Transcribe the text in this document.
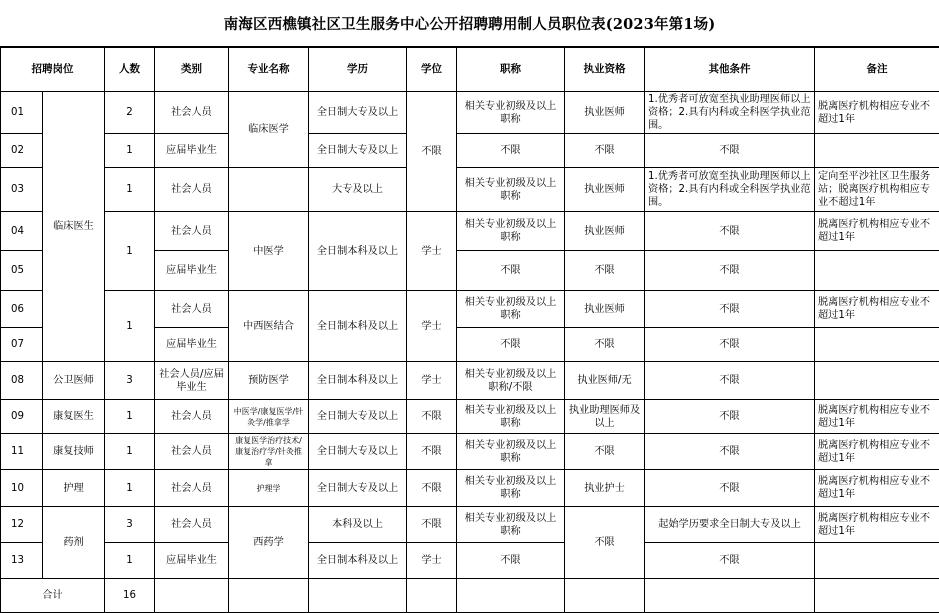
南海区西樵镇社区卫生服务中心公开招聘聘用制人员职位表(2023年第1场)
招聘岗位		人数	类别	专业名称	学历	学位	职称	执业资格	其他条件	备注
01	临床医生	2	社会人员	临床医学	全日制大专及以上	不限	相关专业初级及以上职称	执业医师	1.优秀者可放宽至执业助理医师以上资格；2.具有内科或全科医学执业范围。	脱离医疗机构相应专业不超过1年
02		1	应届毕业生		全日制大专及以上		不限	不限	不限	
03		1	社会人员		大专及以上		相关专业初级及以上职称	执业医师	1.优秀者可放宽至执业助理医师以上资格；2.具有内科或全科医学执业范围。	定向至平沙社区卫生服务站；脱离医疗机构相应专业不超过1年
04		1	社会人员	中医学	全日制本科及以上	学士	相关专业初级及以上职称	执业医师	不限	脱离医疗机构相应专业不超过1年
05			应届毕业生				不限	不限	不限	
06		1	社会人员	中西医结合	全日制本科及以上	学士	相关专业初级及以上职称	执业医师	不限	脱离医疗机构相应专业不超过1年
07			应届毕业生				不限	不限	不限	
08	公卫医师	3	社会人员/应届毕业生	预防医学	全日制本科及以上	学士	相关专业初级及以上职称/不限	执业医师/无	不限	
09	康复医生	1	社会人员	中医学/康复医学/针灸学/推拿学	全日制大专及以上	不限	相关专业初级及以上职称	执业助理医师及以上	不限	脱离医疗机构相应专业不超过1年
11	康复技师	1	社会人员	康复医学治疗技术/康复治疗学/针灸推拿	全日制大专及以上	不限	相关专业初级及以上职称	不限	不限	脱离医疗机构相应专业不超过1年
10	护理	1	社会人员	护理学	全日制大专及以上	不限	相关专业初级及以上职称	执业护士	不限	脱离医疗机构相应专业不超过1年
12	药剂	3	社会人员	西药学	本科及以上	不限	相关专业初级及以上职称	不限	起始学历要求全日制大专及以上	脱离医疗机构相应专业不超过1年
13		1	应届毕业生		全日制本科及以上	学士	不限		不限	
合计		16								
